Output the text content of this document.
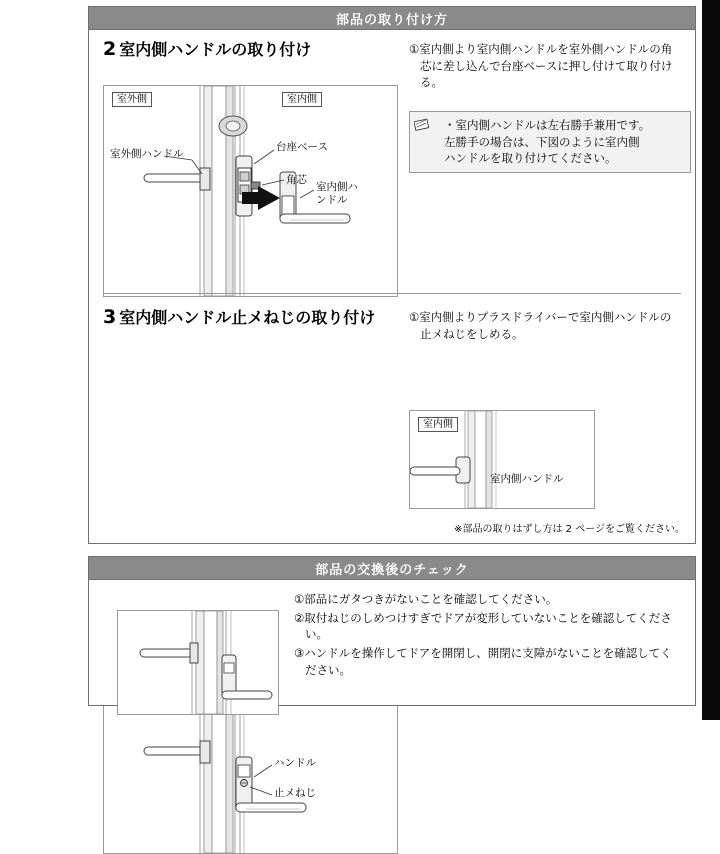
部品の取り付け方
2 室内側ハンドルの取り付け
室外側	室内側
室外側ハンドル
台座ベース
角芯
室内側ハ
ンドル

①室内側より室内側ハンドルを室外側ハンドルの角芯に差し込んで台座ベースに押し付けて取り付ける。

・室内側ハンドルは左右勝手兼用です。
左勝手の場合は、下図のように室内側
ハンドルを取り付けてください。
室内側
室内側ハンドル
3 室内側ハンドル止メねじの取り付け
ハンドル
止メねじ

①室内側よりプラスドライバーで室内側ハンドルの止メねじをしめる。

※部品の取りはずし方は 2 ページをご覧ください。
部品の交換後のチェック

①部品にガタつきがないことを確認してください。

②取付ねじのしめつけすぎでドアが変形していないことを確認してください。

③ハンドルを操作してドアを開閉し、開閉に支障がないことを確認してください。
